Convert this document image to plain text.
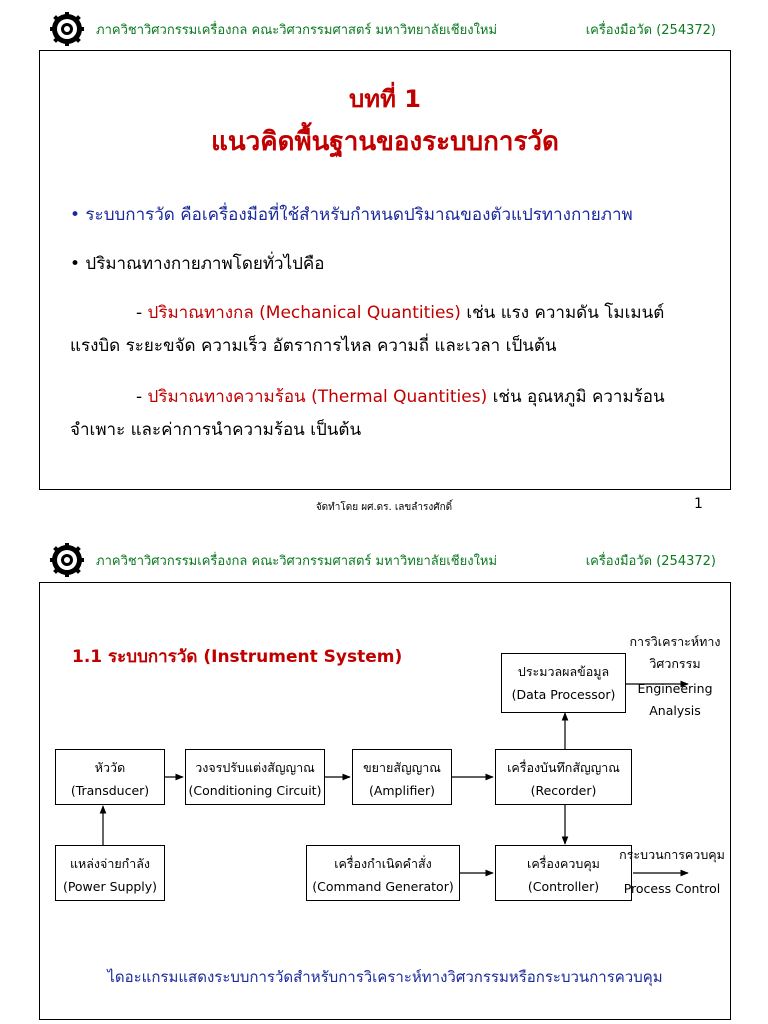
ภาควิชาวิศวกรรมเครื่องกล คณะวิศวกรรมศาสตร์ มหาวิทยาลัยเชียงใหม่	เครื่องมือวัด (254372)
บทที่ 1
แนวคิดพื้นฐานของระบบการวัด
• ระบบการวัด คือเครื่องมือที่ใช้สำหรับกำหนดปริมาณของตัวแปรทางกายภาพ
• ปริมาณทางกายภาพโดยทั่วไปคือ
- ปริมาณทางกล (Mechanical Quantities) เช่น แรง ความดัน โมเมนต์
แรงบิด ระยะขจัด ความเร็ว อัตราการไหล ความถี่ และเวลา เป็นต้น
- ปริมาณทางความร้อน (Thermal Quantities) เช่น อุณหภูมิ ความร้อน
จำเพาะ และค่าการนำความร้อน เป็นต้น
จัดทำโดย ผศ.ดร. เลขลำรงศักดิ์	1
ภาควิชาวิศวกรรมเครื่องกล คณะวิศวกรรมศาสตร์ มหาวิทยาลัยเชียงใหม่	เครื่องมือวัด (254372)
1.1 ระบบการวัด (Instrument System)
ประมวลผลข้อมูล
(Data Processor)
หัววัด
(Transducer)
วงจรปรับแต่งสัญญาณ
(Conditioning Circuit)
ขยายสัญญาณ
(Amplifier)
เครื่องบันทึกสัญญาณ
(Recorder)
แหล่งจ่ายกำลัง
(Power Supply)
เครื่องกำเนิดคำสั่ง
(Command Generator)
เครื่องควบคุม
(Controller)
การวิเคราะห์ทาง
วิศวกรรม
Engineering
Analysis
กระบวนการควบคุม
Process Control
ไดอะแกรมแสดงระบบการวัดสำหรับการวิเคราะห์ทางวิศวกรรมหรือกระบวนการควบคุม
